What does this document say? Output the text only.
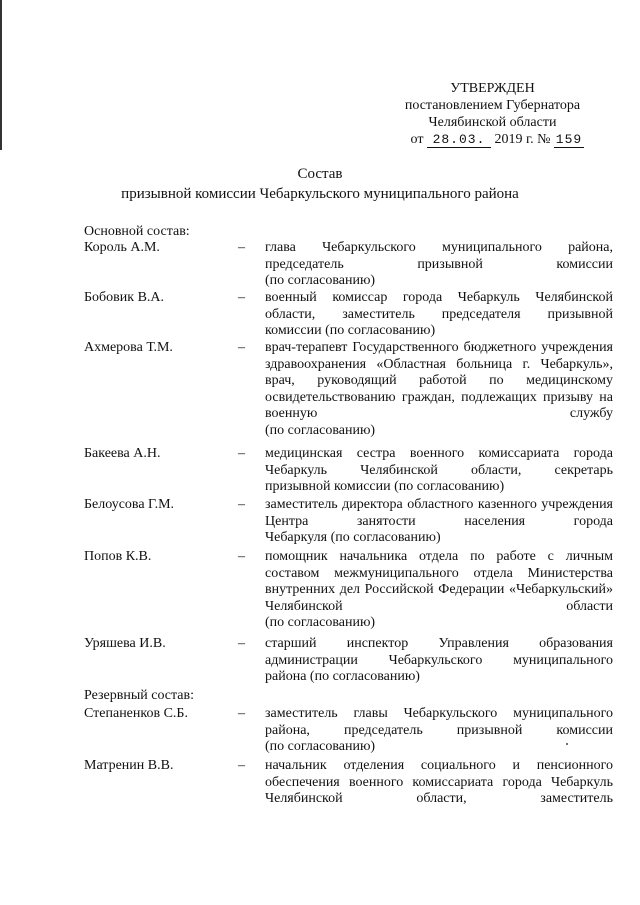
УТВЕРЖДЕН
постановлением Губернатора
Челябинской области
от 28.03. 2019 г. № 159
Состав
призывной комиссии Чебаркульского муниципального района
Основной состав:
Король А.М.	–	глава Чебаркульского муниципального района, председатель призывной комиссии
(по согласованию)
Бобовик В.А.	–	военный комиссар города Чебаркуль Челябинской области, заместитель председателя призывной
комиссии (по согласованию)
Ахмерова Т.М.	–	врач-терапевт Государственного бюджетного учреждения здравоохранения «Областная больница г. Чебаркуль», врач, руководящий работой по медицинскому освидетельствованию граждан, подлежащих призыву на военную службу
(по согласованию)
Бакеева А.Н.	–	медицинская сестра военного комиссариата города Чебаркуль Челябинской области, секретарь
призывной комиссии (по согласованию)
Белоусова Г.М.	–	заместитель директора областного казенного учреждения Центра занятости населения города
Чебаркуля (по согласованию)
Попов К.В.	–	помощник начальника отдела по работе с личным составом межмуниципального отдела Министерства внутренних дел Российской Федерации «Чебаркульский» Челябинской области
(по согласованию)
Уряшева И.В.	–	старший инспектор Управления образования администрации Чебаркульского муниципального
района (по согласованию)
Резервный состав:
Степаненков С.Б.	–	заместитель главы Чебаркульского муниципального района, председатель призывной комиссии
(по согласованию)
Матренин В.В.	–	начальник отделения социального и пенсионного обеспечения военного комиссариата города Чебаркуль Челябинской области, заместитель
